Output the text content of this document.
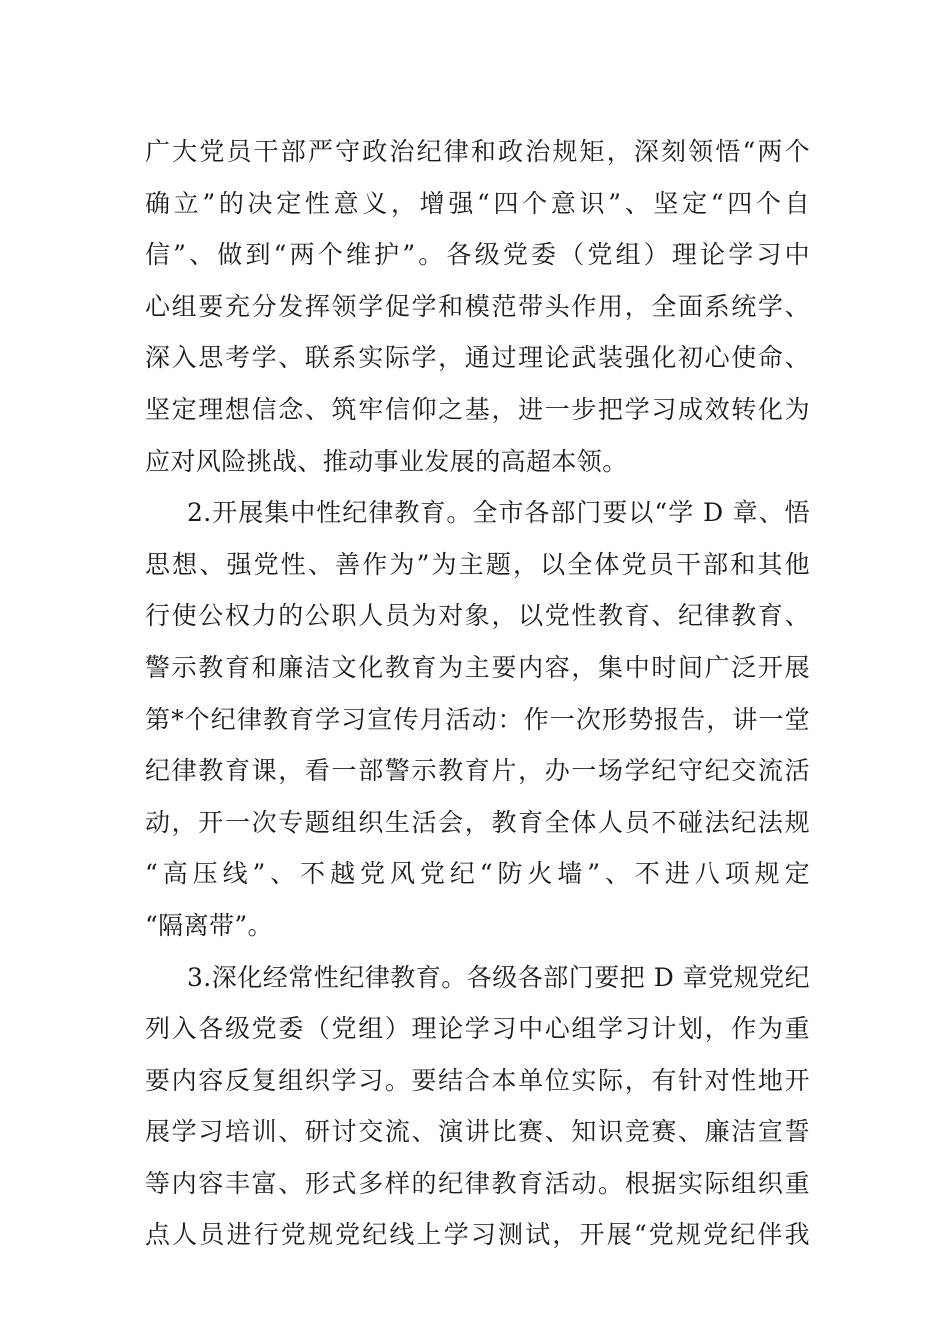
广大党员干部严守政治纪律和政治规矩，深刻领悟“两个
确立”的决定性意义，增强“四个意识”、坚定“四个自
信”、做到“两个维护”。各级党委（党组）理论学习中
心组要充分发挥领学促学和模范带头作用，全面系统学、
深入思考学、联系实际学，通过理论武装强化初心使命、
坚定理想信念、筑牢信仰之基，进一步把学习成效转化为
应对风险挑战、推动事业发展的高超本领。
2.开展集中性纪律教育。全市各部门要以“学 D 章、悟
思想、强党性、善作为”为主题，以全体党员干部和其他
行使公权力的公职人员为对象，以党性教育、纪律教育、
警示教育和廉洁文化教育为主要内容，集中时间广泛开展
第*个纪律教育学习宣传月活动：作一次形势报告，讲一堂
纪律教育课，看一部警示教育片，办一场学纪守纪交流活
动，开一次专题组织生活会，教育全体人员不碰法纪法规
“高压线”、不越党风党纪“防火墙”、不进八项规定
“隔离带”。
3.深化经常性纪律教育。各级各部门要把 D 章党规党纪
列入各级党委（党组）理论学习中心组学习计划，作为重
要内容反复组织学习。要结合本单位实际，有针对性地开
展学习培训、研讨交流、演讲比赛、知识竞赛、廉洁宣誓
等内容丰富、形式多样的纪律教育活动。根据实际组织重
点人员进行党规党纪线上学习测试，开展“党规党纪伴我
